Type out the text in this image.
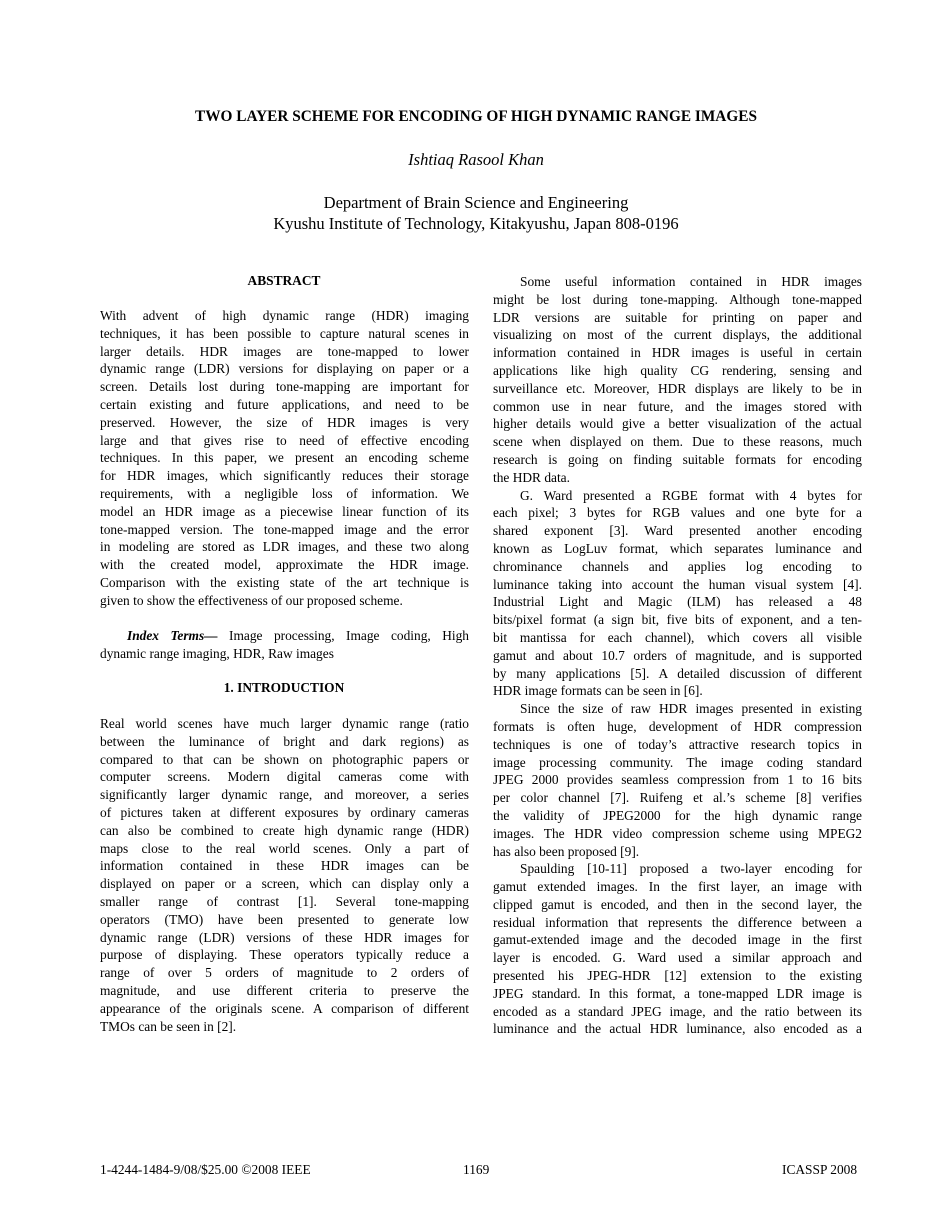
TWO LAYER SCHEME FOR ENCODING OF HIGH DYNAMIC RANGE IMAGES
Ishtiaq Rasool Khan
Department of Brain Science and Engineering
Kyushu Institute of Technology, Kitakyushu, Japan 808-0196
ABSTRACT
With advent of high dynamic range (HDR) imaging
techniques, it has been possible to capture natural scenes in
larger details. HDR images are tone-mapped to lower
dynamic range (LDR) versions for displaying on paper or a
screen. Details lost during tone-mapping are important for
certain existing and future applications, and need to be
preserved. However, the size of HDR images is very
large and that gives rise to need of effective encoding
techniques. In this paper, we present an encoding scheme
for HDR images, which significantly reduces their storage
requirements, with a negligible loss of information. We
model an HDR image as a piecewise linear function of its
tone-mapped version. The tone-mapped image and the error
in modeling are stored as LDR images, and these two along
with the created model, approximate the HDR image.
Comparison with the existing state of the art technique is
given to show the effectiveness of our proposed scheme.
Index Terms— Image processing, Image coding, High
dynamic range imaging, HDR, Raw images
1. INTRODUCTION
Real world scenes have much larger dynamic range (ratio
between the luminance of bright and dark regions) as
compared to that can be shown on photographic papers or
computer screens. Modern digital cameras come with
significantly larger dynamic range, and moreover, a series
of pictures taken at different exposures by ordinary cameras
can also be combined to create high dynamic range (HDR)
maps close to the real world scenes. Only a part of
information contained in these HDR images can be
displayed on paper or a screen, which can display only a
smaller range of contrast [1]. Several tone-mapping
operators (TMO) have been presented to generate low
dynamic range (LDR) versions of these HDR images for
purpose of displaying. These operators typically reduce a
range of over 5 orders of magnitude to 2 orders of
magnitude, and use different criteria to preserve the
appearance of the originals scene. A comparison of different
TMOs can be seen in [2].
Some useful information contained in HDR images
might be lost during tone-mapping. Although tone-mapped
LDR versions are suitable for printing on paper and
visualizing on most of the current displays, the additional
information contained in HDR images is useful in certain
applications like high quality CG rendering, sensing and
surveillance etc. Moreover, HDR displays are likely to be in
common use in near future, and the images stored with
higher details would give a better visualization of the actual
scene when displayed on them. Due to these reasons, much
research is going on finding suitable formats for encoding
the HDR data.
G. Ward presented a RGBE format with 4 bytes for
each pixel; 3 bytes for RGB values and one byte for a
shared exponent [3]. Ward presented another encoding
known as LogLuv format, which separates luminance and
chrominance channels and applies log encoding to
luminance taking into account the human visual system [4].
Industrial Light and Magic (ILM) has released a 48
bits/pixel format (a sign bit, five bits of exponent, and a ten-
bit mantissa for each channel), which covers all visible
gamut and about 10.7 orders of magnitude, and is supported
by many applications [5]. A detailed discussion of different
HDR image formats can be seen in [6].
Since the size of raw HDR images presented in existing
formats is often huge, development of HDR compression
techniques is one of today’s attractive research topics in
image processing community. The image coding standard
JPEG 2000 provides seamless compression from 1 to 16 bits
per color channel [7]. Ruifeng et al.’s scheme [8] verifies
the validity of JPEG2000 for the high dynamic range
images. The HDR video compression scheme using MPEG2
has also been proposed [9].
Spaulding [10-11] proposed a two-layer encoding for
gamut extended images. In the first layer, an image with
clipped gamut is encoded, and then in the second layer, the
residual information that represents the difference between a
gamut-extended image and the decoded image in the first
layer is encoded. G. Ward used a similar approach and
presented his JPEG-HDR [12] extension to the existing
JPEG standard. In this format, a tone-mapped LDR image is
encoded as a standard JPEG image, and the ratio between its
luminance and the actual HDR luminance, also encoded as a
1-4244-1484-9/08/$25.00 ©2008 IEEE	1169	ICASSP 2008
